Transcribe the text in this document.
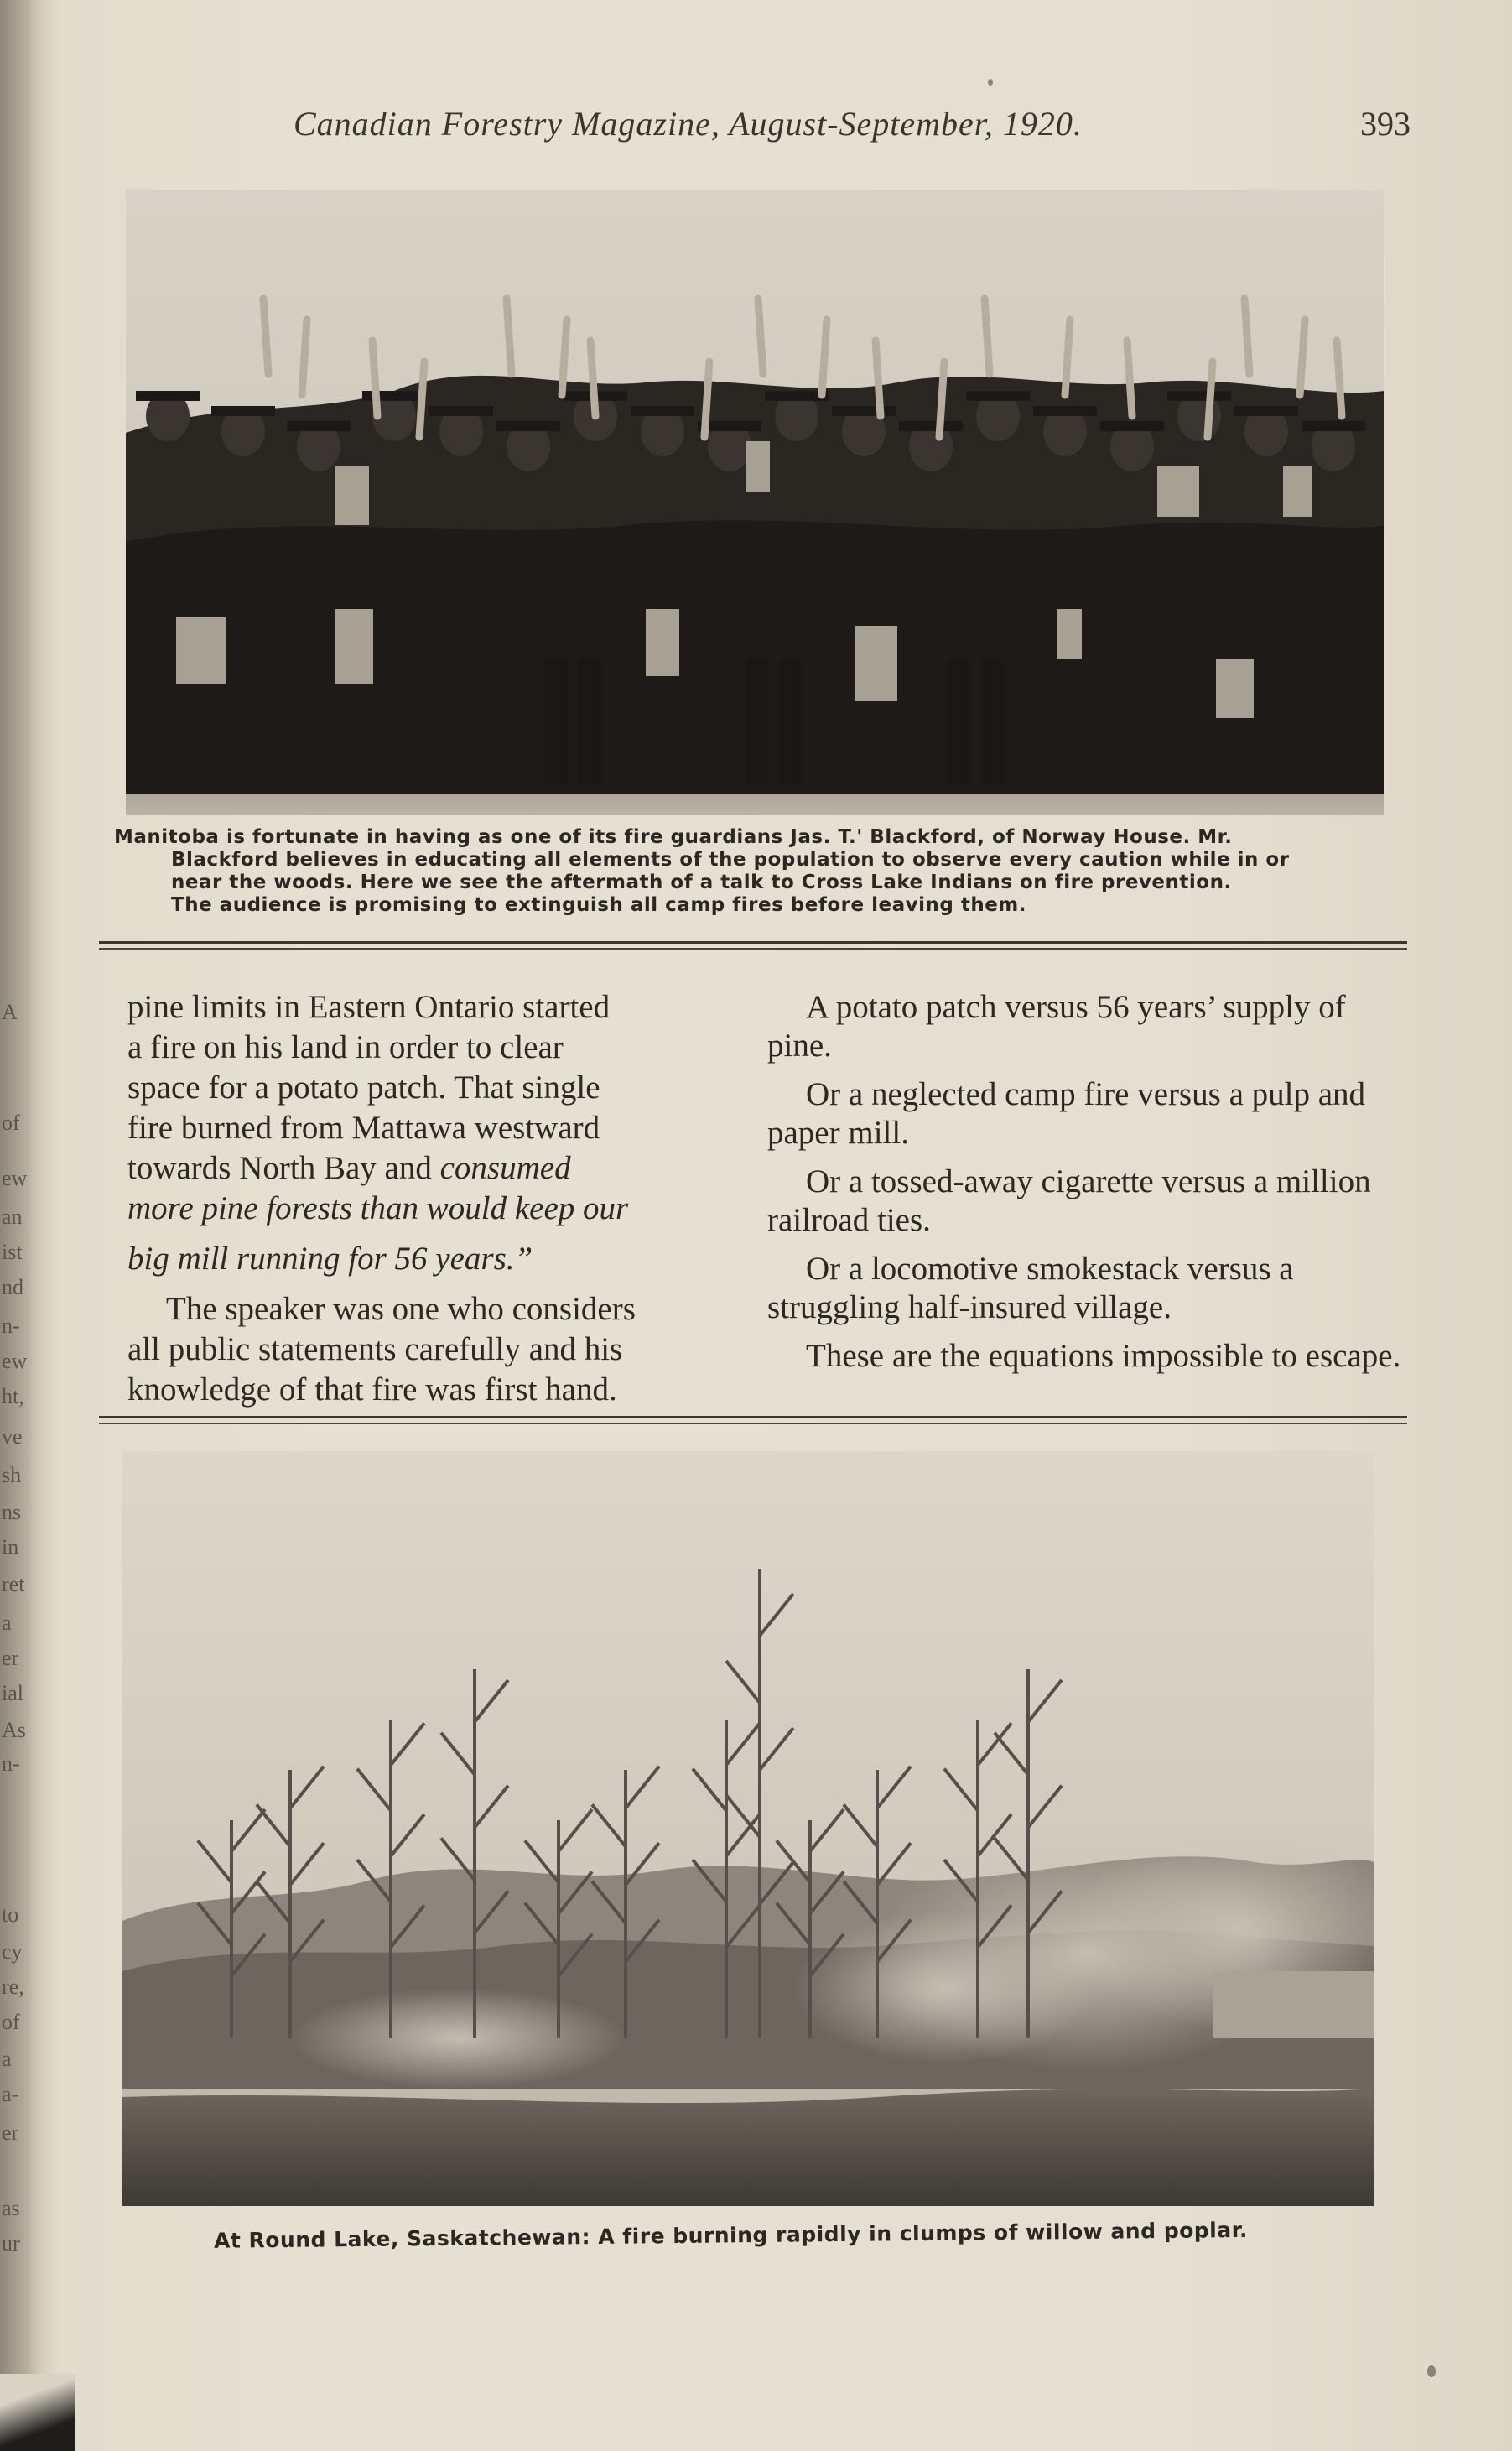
A
of
ew
an
ist
nd
n-
ew
ht,
ve
sh
ns
in
ret
a
er
ial
As
n-
to
cy
re,
of
a
a-
er
as
ur
Canadian Forestry Magazine, August-September, 1920.	393

Manitoba is fortunate in having as one of its fire guardians Jas. T.' Blackford, of Norway House. Mr.

Blackford believes in educating all elements of the population to observe every caution while in or

near the woods. Here we see the aftermath of a talk to Cross Lake Indians on fire prevention.

The audience is promising to extinguish all camp fires before leaving them.

pine limits in Eastern Ontario started

a fire on his land in order to clear

space for a potato patch. That single

fire burned from Mattawa westward

towards North Bay and consumed

more pine forests than would keep our

big mill running for 56 years.”

The speaker was one who considers

all public statements carefully and his

knowledge of that fire was first hand.

A potato patch versus 56 years’ supply of pine.

Or a neglected camp fire versus a pulp and paper mill.

Or a tossed-away cigarette versus a million railroad ties.

Or a locomotive smokestack versus a struggling half-insured village.

These are the equations impossible to escape.

At Round Lake, Saskatchewan: A fire burning rapidly in clumps of willow and poplar.
